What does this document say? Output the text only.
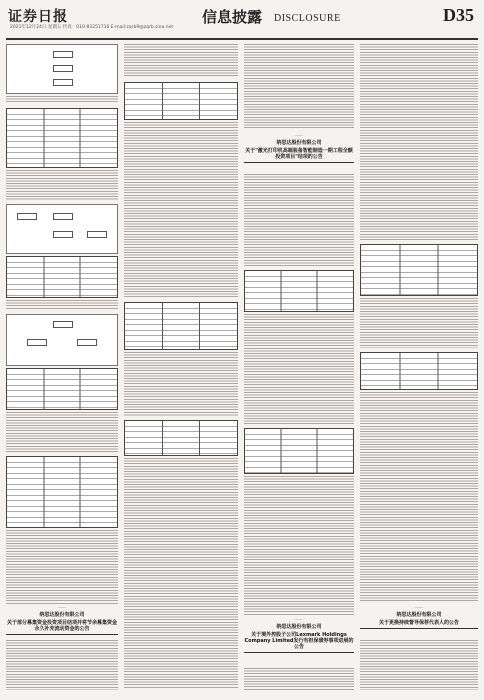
证券日报
2021年12月24日 星期五 传真：010-83251716 E-mail:zqrb9@zqrb.sina.net
信息披露 DISCLOSURE	D35
········
纳思达股份有限公司
关于部分募集资金投资项目结项并将节余募集资金永久补充流动资金的公告
········
纳思达股份有限公司
关于"激光打印机高端装备智能制造一期工程全额投资项目"结项的公告
········
纳思达股份有限公司
关于境外控股子公司Lexmark Holdings Company Limited发行有担保债券事项进展的公告
········
纳思达股份有限公司
关于更换持续督导保荐代表人的公告
